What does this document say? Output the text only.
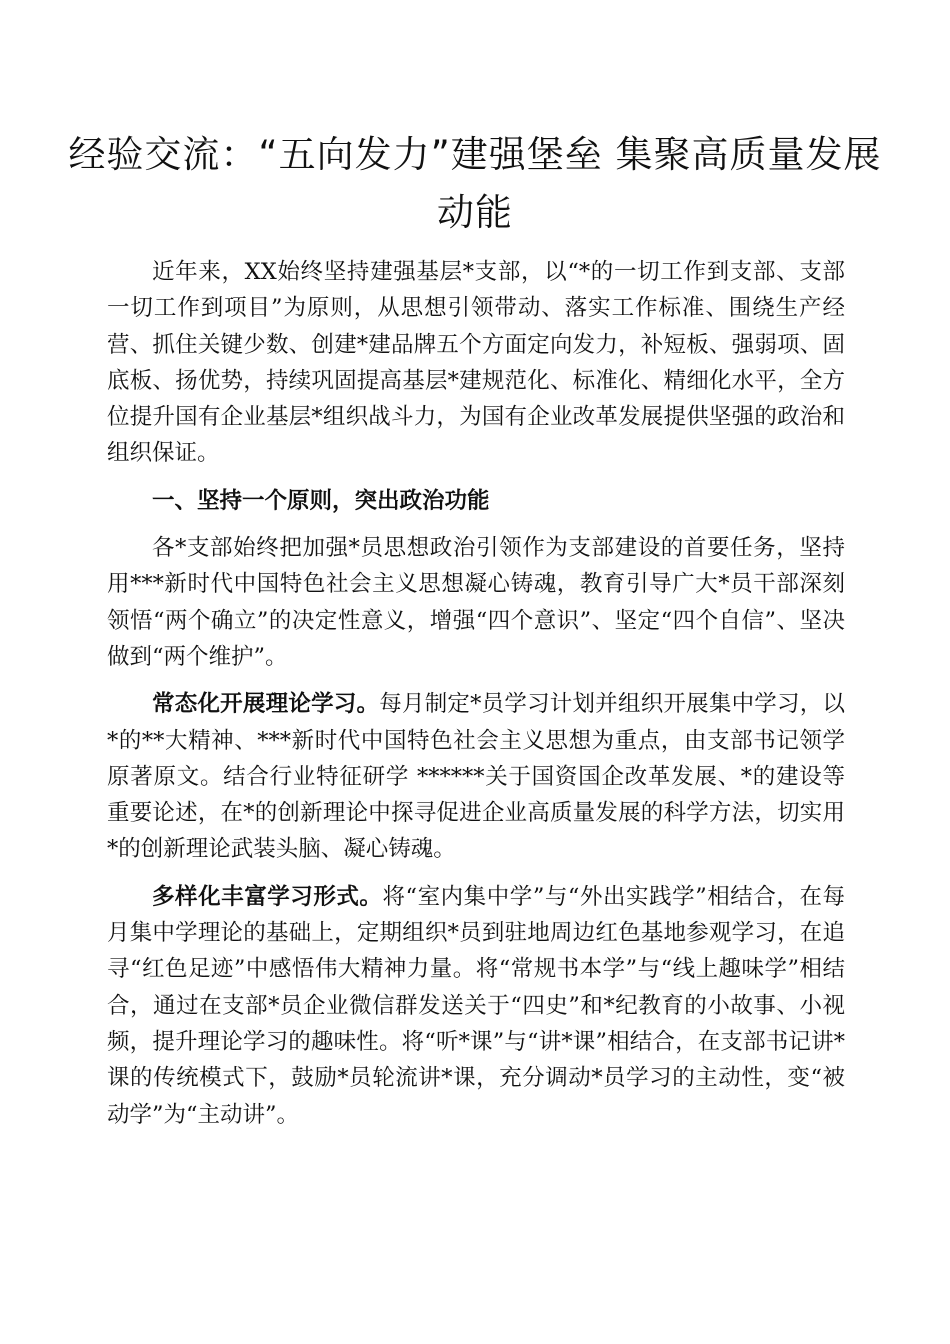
经验交流：“五向发力”建强堡垒 集聚高质量发展动能

近年来，XX始终坚持建强基层*支部，以“*的一切工作到支部、支部一切工作到项目”为原则，从思想引领带动、落实工作标准、围绕生产经营、抓住关键少数、创建*建品牌五个方面定向发力，补短板、强弱项、固底板、扬优势，持续巩固提高基层*建规范化、标准化、精细化水平，全方位提升国有企业基层*组织战斗力，为国有企业改革发展提供坚强的政治和组织保证。

一、坚持一个原则，突出政治功能

各*支部始终把加强*员思想政治引领作为支部建设的首要任务，坚持用***新时代中国特色社会主义思想凝心铸魂，教育引导广大*员干部深刻领悟“两个确立”的决定性意义，增强“四个意识”、坚定“四个自信”、坚决做到“两个维护”。

常态化开展理论学习。每月制定*员学习计划并组织开展集中学习，以*的**大精神、***新时代中国特色社会主义思想为重点，由支部书记领学原著原文。结合行业特征研学 ******关于国资国企改革发展、*的建设等重要论述，在*的创新理论中探寻促进企业高质量发展的科学方法，切实用*的创新理论武装头脑、凝心铸魂。

多样化丰富学习形式。将“室内集中学”与“外出实践学”相结合，在每月集中学理论的基础上，定期组织*员到驻地周边红色基地参观学习，在追寻“红色足迹”中感悟伟大精神力量。将“常规书本学”与“线上趣味学”相结合，通过在支部*员企业微信群发送关于“四史”和*纪教育的小故事、小视频，提升理论学习的趣味性。将“听*课”与“讲*课”相结合，在支部书记讲*课的传统模式下，鼓励*员轮流讲*课，充分调动*员学习的主动性，变“被动学”为“主动讲”。
